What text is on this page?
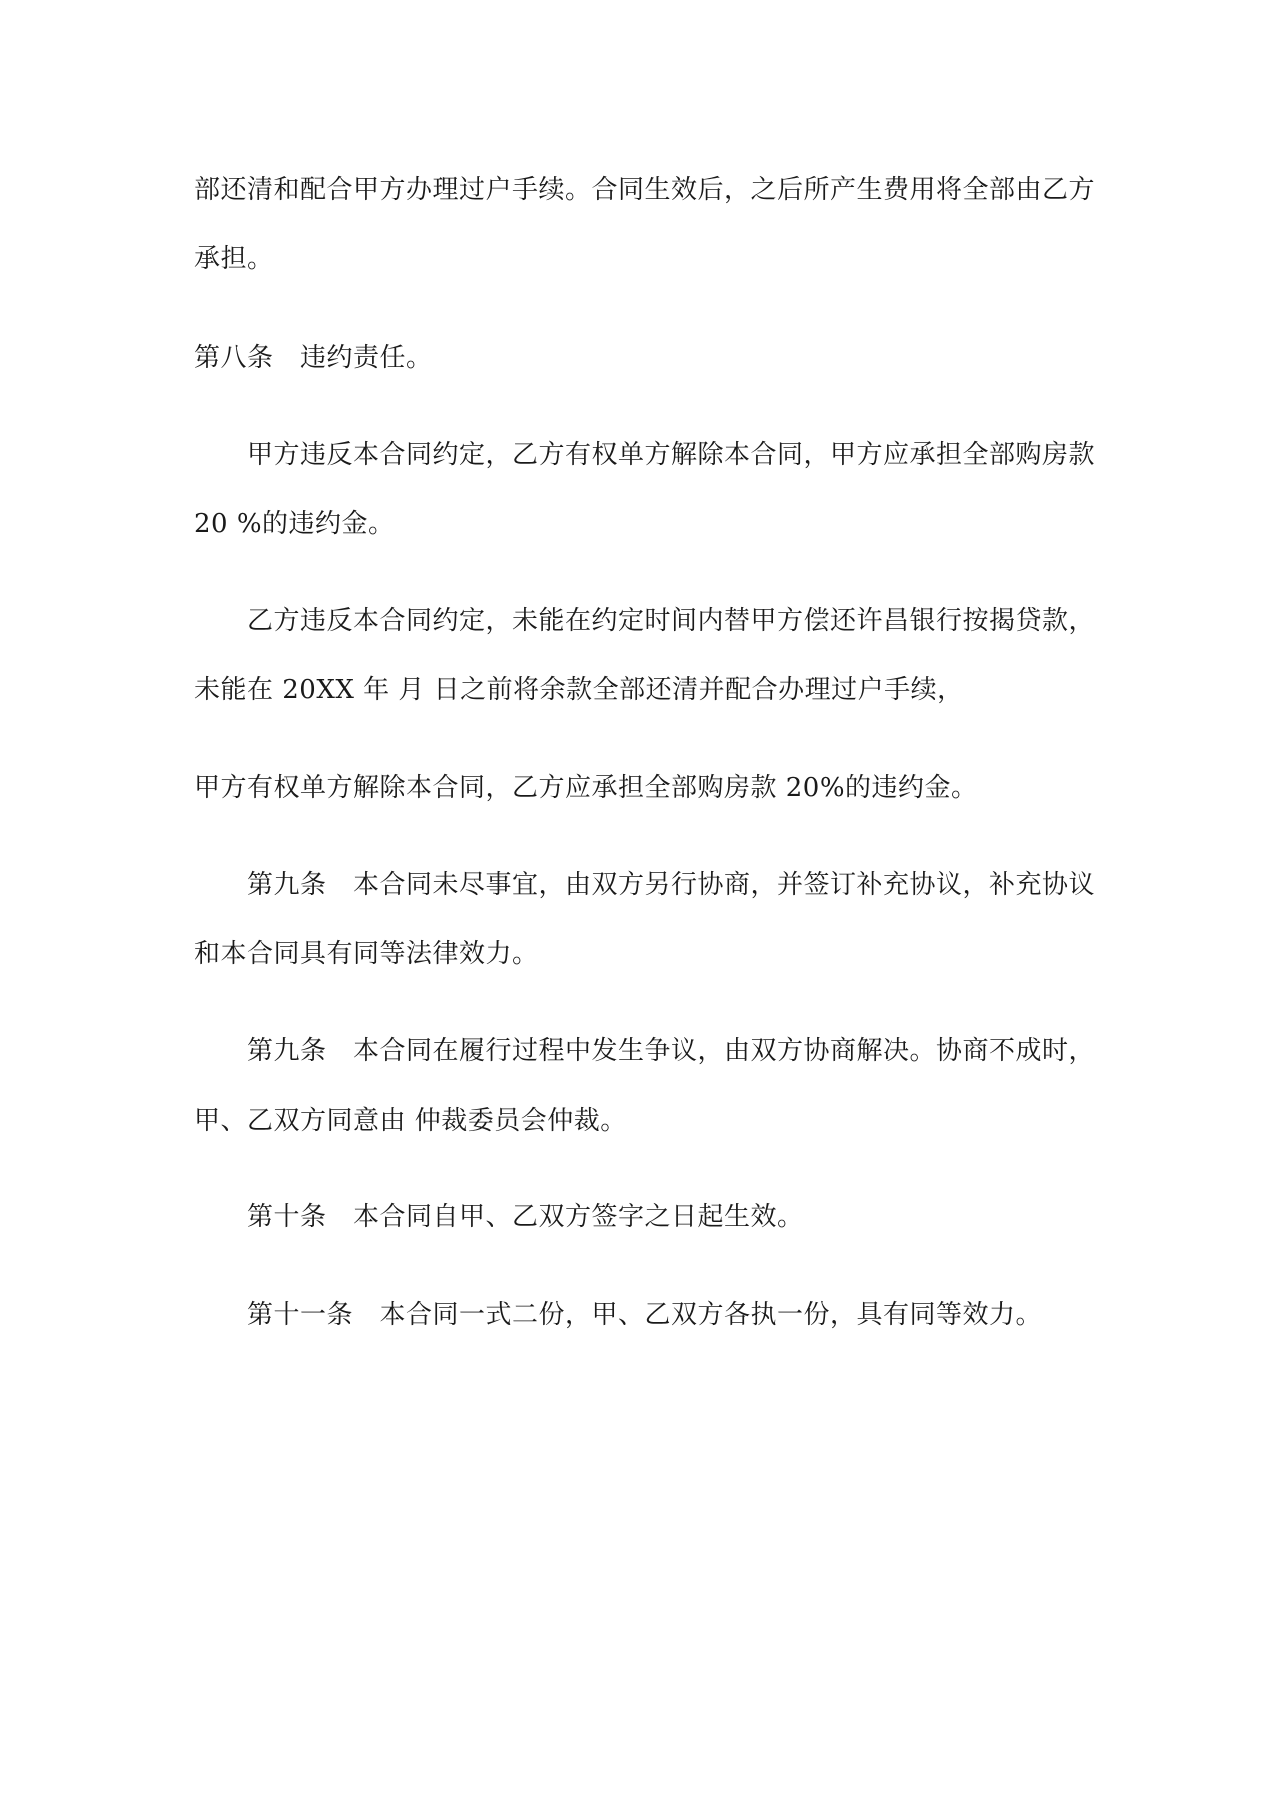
部还清和配合甲方办理过户手续。合同生效后，之后所产生费用将全部由乙方
承担。
第八条　违约责任。
甲方违反本合同约定，乙方有权单方解除本合同，甲方应承担全部购房款
20 %的违约金。
乙方违反本合同约定，未能在约定时间内替甲方偿还许昌银行按揭贷款，
未能在 20XX 年 月 日之前将余款全部还清并配合办理过户手续，
甲方有权单方解除本合同，乙方应承担全部购房款 20%的违约金。
第九条　本合同未尽事宜，由双方另行协商，并签订补充协议，补充协议
和本合同具有同等法律效力。
第九条　本合同在履行过程中发生争议，由双方协商解决。协商不成时，
甲、乙双方同意由 仲裁委员会仲裁。
第十条　本合同自甲、乙双方签字之日起生效。
第十一条　本合同一式二份，甲、乙双方各执一份，具有同等效力。
